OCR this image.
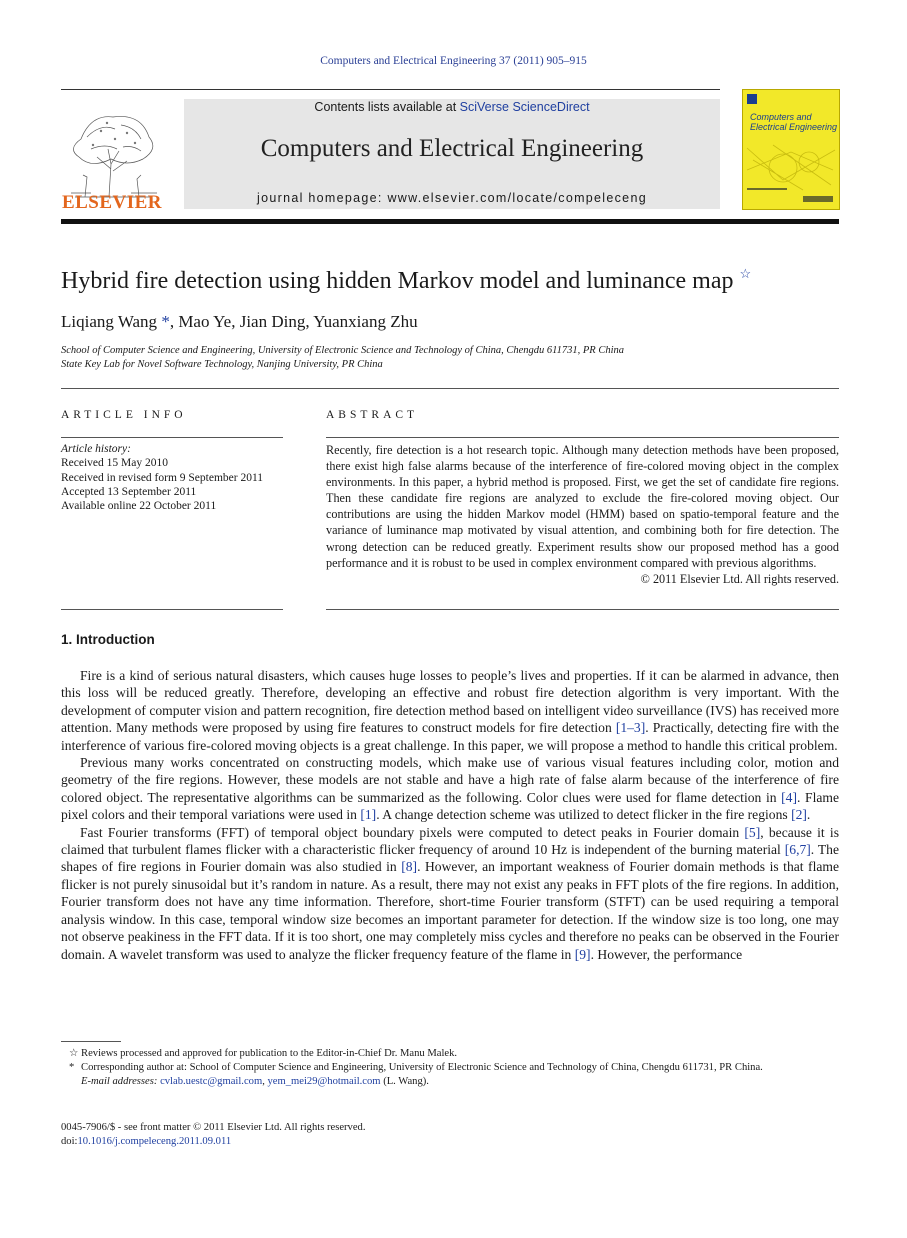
Computers and Electrical Engineering 37 (2011) 905–915
ELSEVIER
Contents lists available at SciVerse ScienceDirect
Computers and Electrical Engineering
journal homepage: www.elsevier.com/locate/compeleceng
Computers and
Electrical Engineering
Hybrid fire detection using hidden Markov model and luminance map ☆
Liqiang Wang *, Mao Ye, Jian Ding, Yuanxiang Zhu
School of Computer Science and Engineering, University of Electronic Science and Technology of China, Chengdu 611731, PR China
State Key Lab for Novel Software Technology, Nanjing University, PR China
ARTICLE INFO	ABSTRACT
Article history:
Received 15 May 2010
Received in revised form 9 September 2011
Accepted 13 September 2011
Available online 22 October 2011
Recently, fire detection is a hot research topic. Although many detection methods have been proposed, there exist high false alarms because of the interference of fire-colored moving object in the complex environments. In this paper, a hybrid method is proposed. First, we get the set of candidate fire regions. Then these candidate fire regions are analyzed to exclude the fire-colored moving object. Our contributions are using the hidden Markov model (HMM) based on spatio-temporal feature and the variance of luminance map motivated by visual attention, and combining both for fire detection. The wrong detection can be reduced greatly. Experiment results show our proposed method has a good performance and it is robust to be used in complex environment compared with previous algorithms.
© 2011 Elsevier Ltd. All rights reserved.
1. Introduction

Fire is a kind of serious natural disasters, which causes huge losses to people’s lives and properties. If it can be alarmed in advance, then this loss will be reduced greatly. Therefore, developing an effective and robust fire detection algorithm is very important. With the development of computer vision and pattern recognition, fire detection method based on intelligent video surveillance (IVS) has received more attention. Many methods were proposed by using fire features to construct models for fire detection [1–3]. Practically, detecting fire with the interference of various fire-colored moving objects is a great challenge. In this paper, we will propose a method to handle this critical problem.

Previous many works concentrated on constructing models, which make use of various visual features including color, motion and geometry of the fire regions. However, these models are not stable and have a high rate of false alarm because of the interference of fire colored object. The representative algorithms can be summarized as the following. Color clues were used for flame detection in [4]. Flame pixel colors and their temporal variations were used in [1]. A change detection scheme was utilized to detect flicker in the fire regions [2].

Fast Fourier transforms (FFT) of temporal object boundary pixels were computed to detect peaks in Fourier domain [5], because it is claimed that turbulent flames flicker with a characteristic flicker frequency of around 10 Hz is independent of the burning material [6,7]. The shapes of fire regions in Fourier domain was also studied in [8]. However, an important weakness of Fourier domain methods is that flame flicker is not purely sinusoidal but it’s random in nature. As a result, there may not exist any peaks in FFT plots of the fire regions. In addition, Fourier transform does not have any time information. Therefore, short-time Fourier transform (STFT) can be used requiring a temporal analysis window. In this case, temporal window size becomes an important parameter for detection. If the window size is too long, one may not observe peakiness in the FFT data. If it is too short, one may completely miss cycles and therefore no peaks can be observed in the Fourier domain. A wavelet transform was used to analyze the flicker frequency feature of the flame in [9]. However, the performance

☆ Reviews processed and approved for publication to the Editor-in-Chief Dr. Manu Malek.

* Corresponding author at: School of Computer Science and Engineering, University of Electronic Science and Technology of China, Chengdu 611731, PR China.

E-mail addresses: cvlab.uestc@gmail.com, yem_mei29@hotmail.com (L. Wang).

0045-7906/$ - see front matter © 2011 Elsevier Ltd. All rights reserved.
doi:10.1016/j.compeleceng.2011.09.011
